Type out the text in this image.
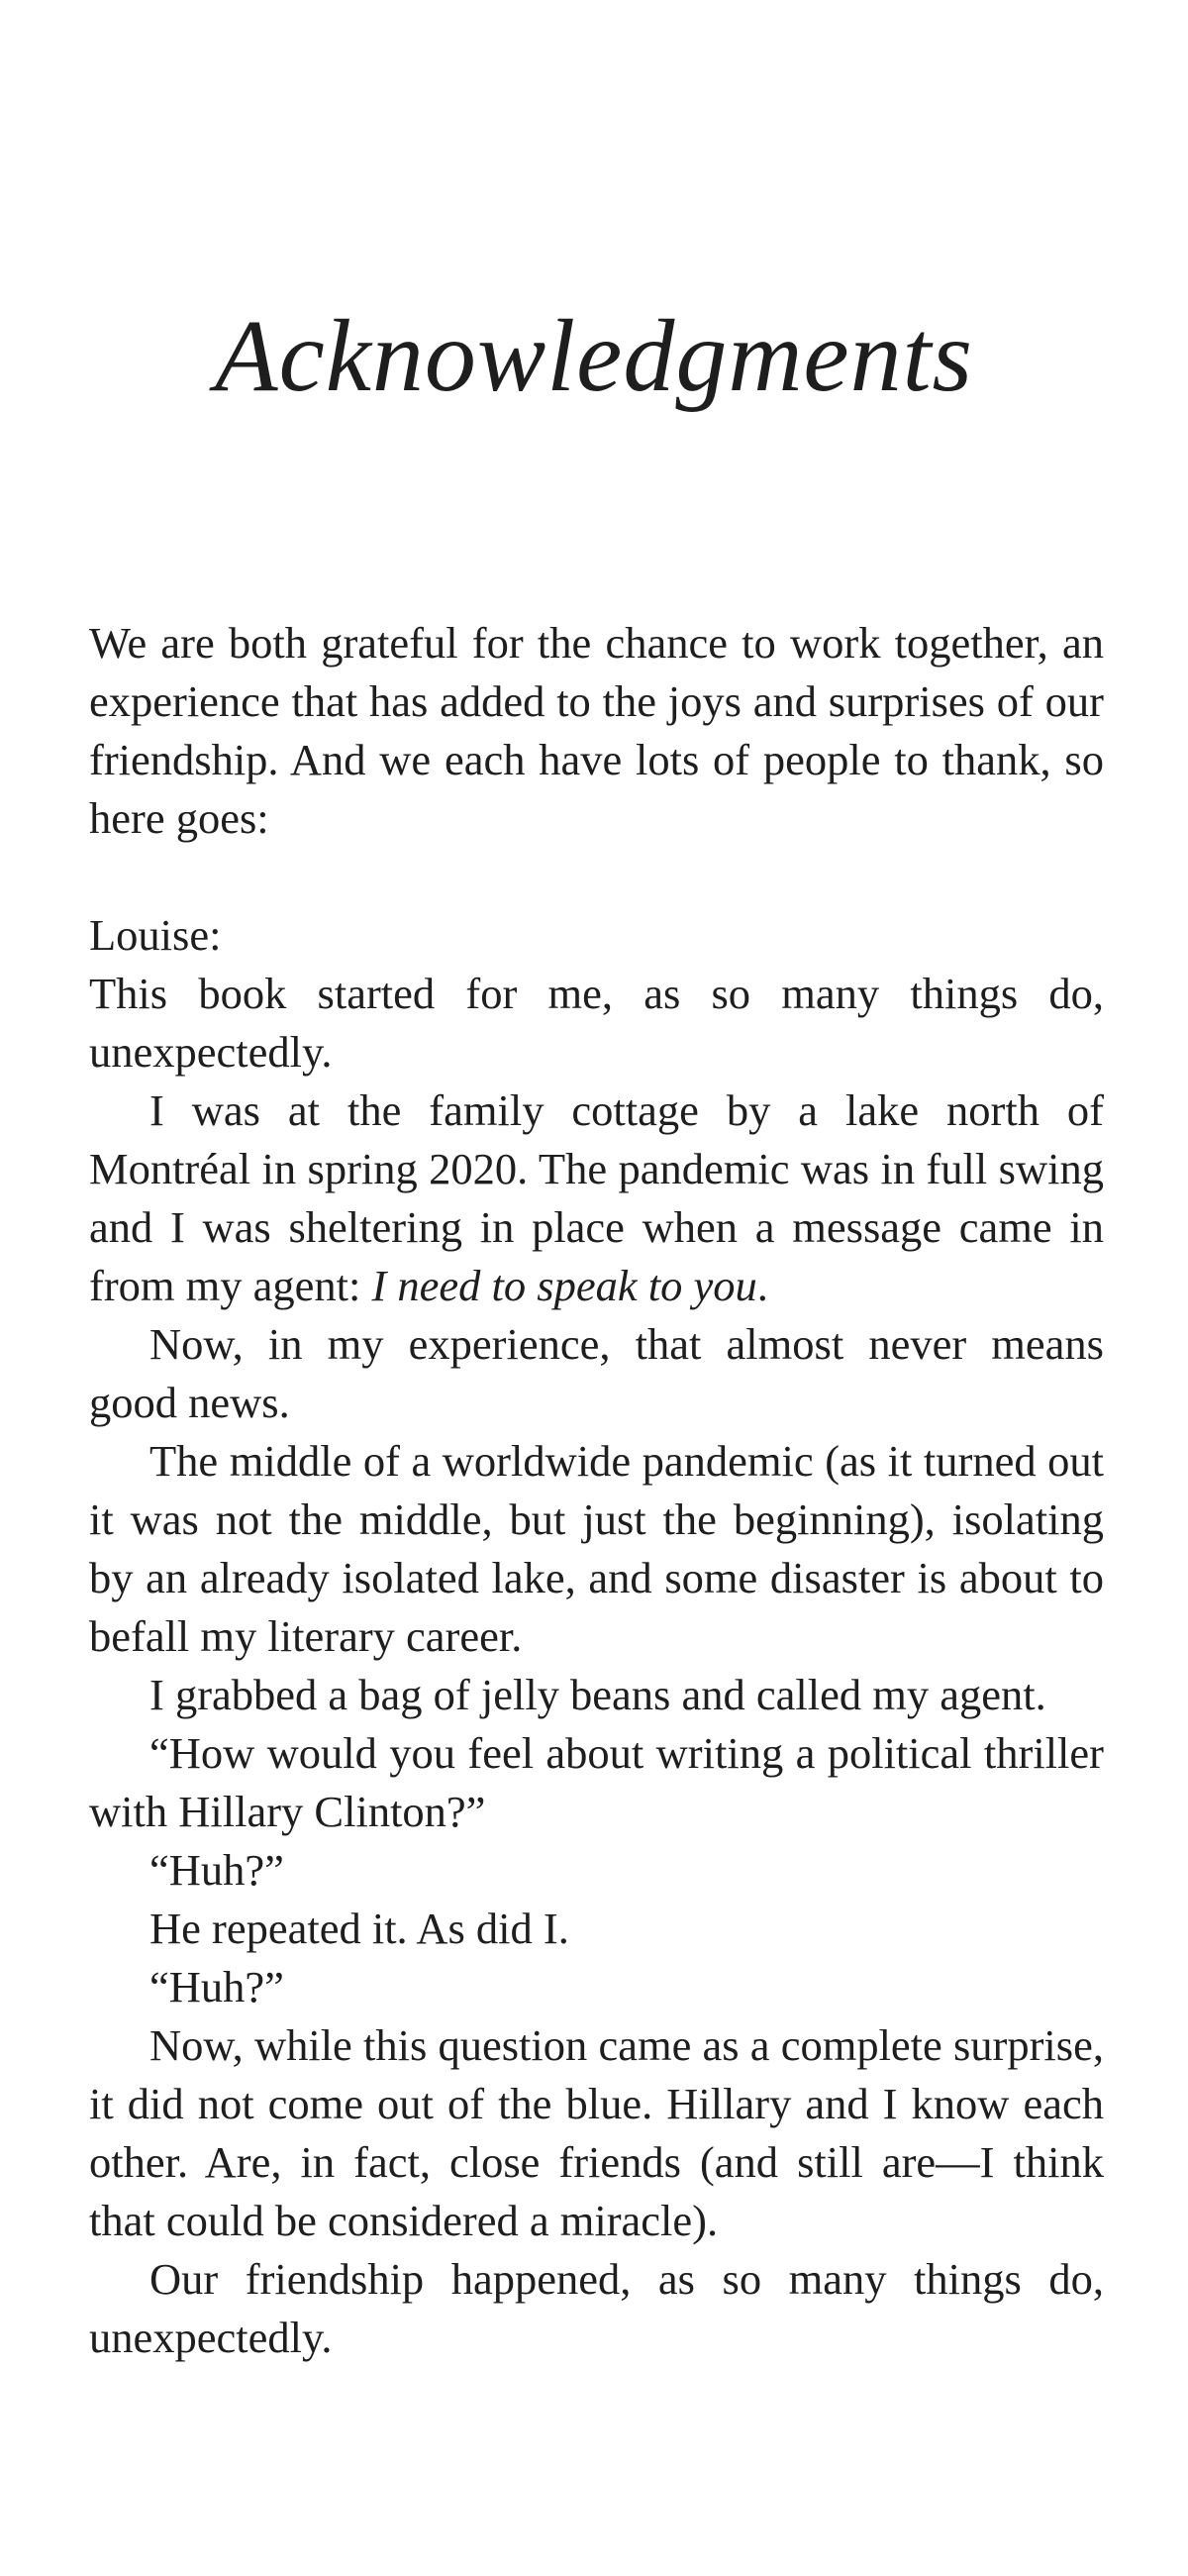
Acknowledgments

We are both grateful for the chance to work together, an experience that has added to the joys and surprises of our friendship. And we each have lots of people to thank, so here goes:

Louise:

This book started for me, as so many things do, unexpectedly.

I was at the family cottage by a lake north of Montréal in spring 2020. The pandemic was in full swing and I was sheltering in place when a message came in from my agent: I need to speak to you.

Now, in my experience, that almost never means good news.

The middle of a worldwide pandemic (as it turned out it was not the middle, but just the beginning), isolating by an already isolated lake, and some disaster is about to befall my literary career.

I grabbed a bag of jelly beans and called my agent.

“How would you feel about writing a political thriller with Hillary Clinton?”

“Huh?”

He repeated it. As did I.

“Huh?”

Now, while this question came as a complete surprise, it did not come out of the blue. Hillary and I know each other. Are, in fact, close friends (and still are—I think that could be considered a miracle).

Our friendship happened, as so many things do, unexpectedly.
